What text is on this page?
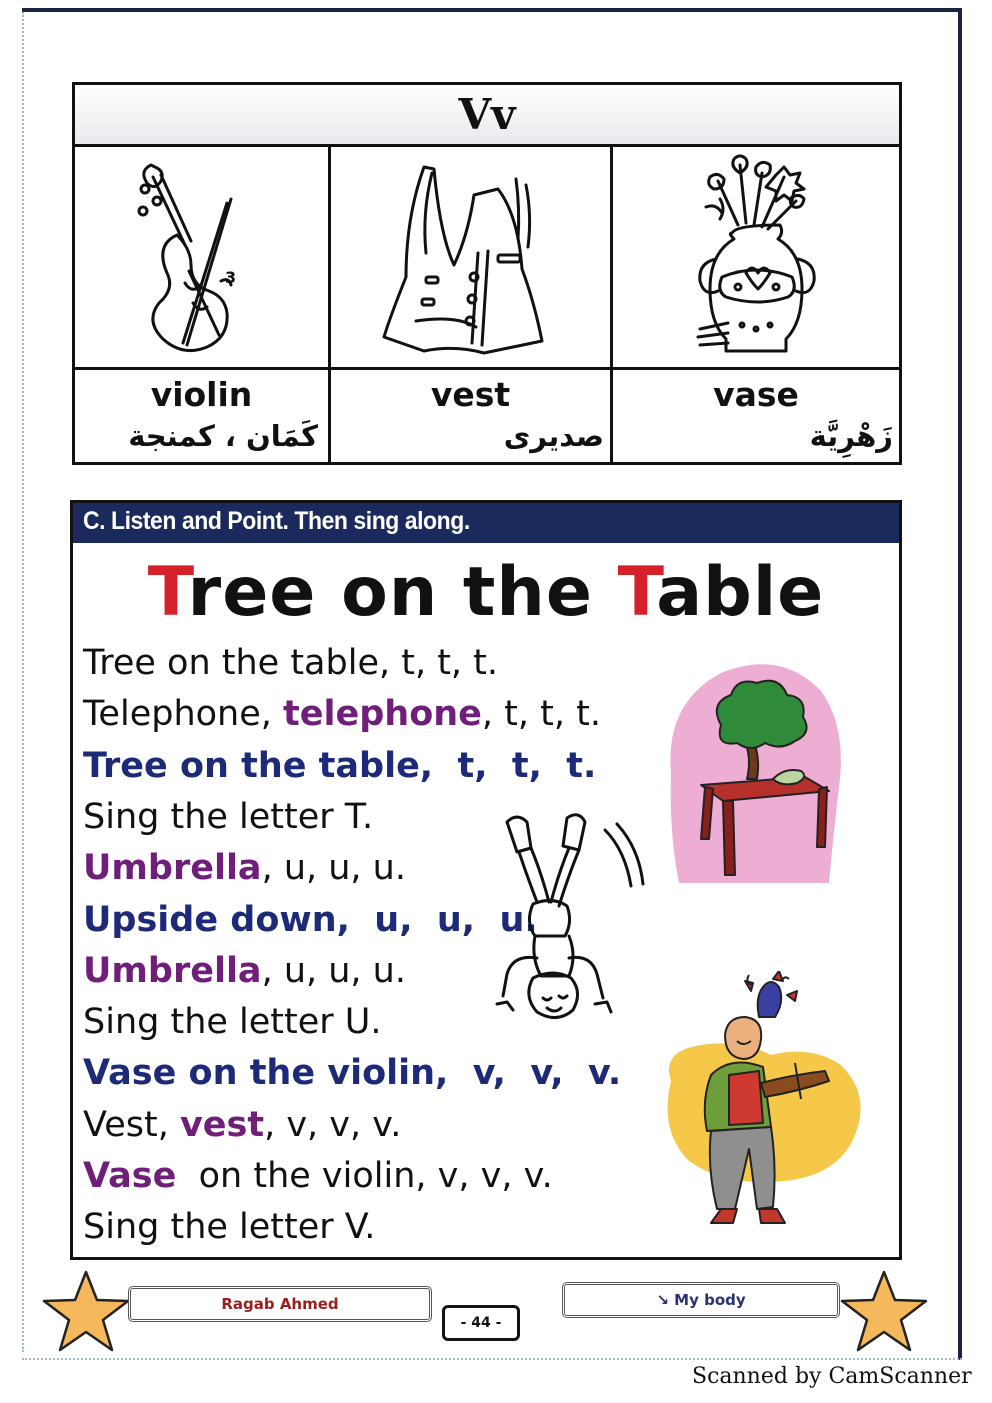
Vv
3
violin
كَمَان ، كمنجة
vest
صديرى
vase
زَهْرِيَّة
C. Listen and Point. Then sing along.
Tree on the Table
Tree on the table, t, t, t.
Telephone, telephone, t, t, t.
Tree on the table,  t,  t,  t.
Sing the letter T.
Umbrella, u, u, u.
Upside down,  u,  u,  u.
Umbrella, u, u, u.
Sing the letter U.
Vase on the violin,  v,  v,  v.
Vest, vest, v, v, v.
Vase  on the violin, v, v, v.
Sing the letter V.
Ragab Ahmed
- 44 -
↘ My body
Scanned by CamScanner
